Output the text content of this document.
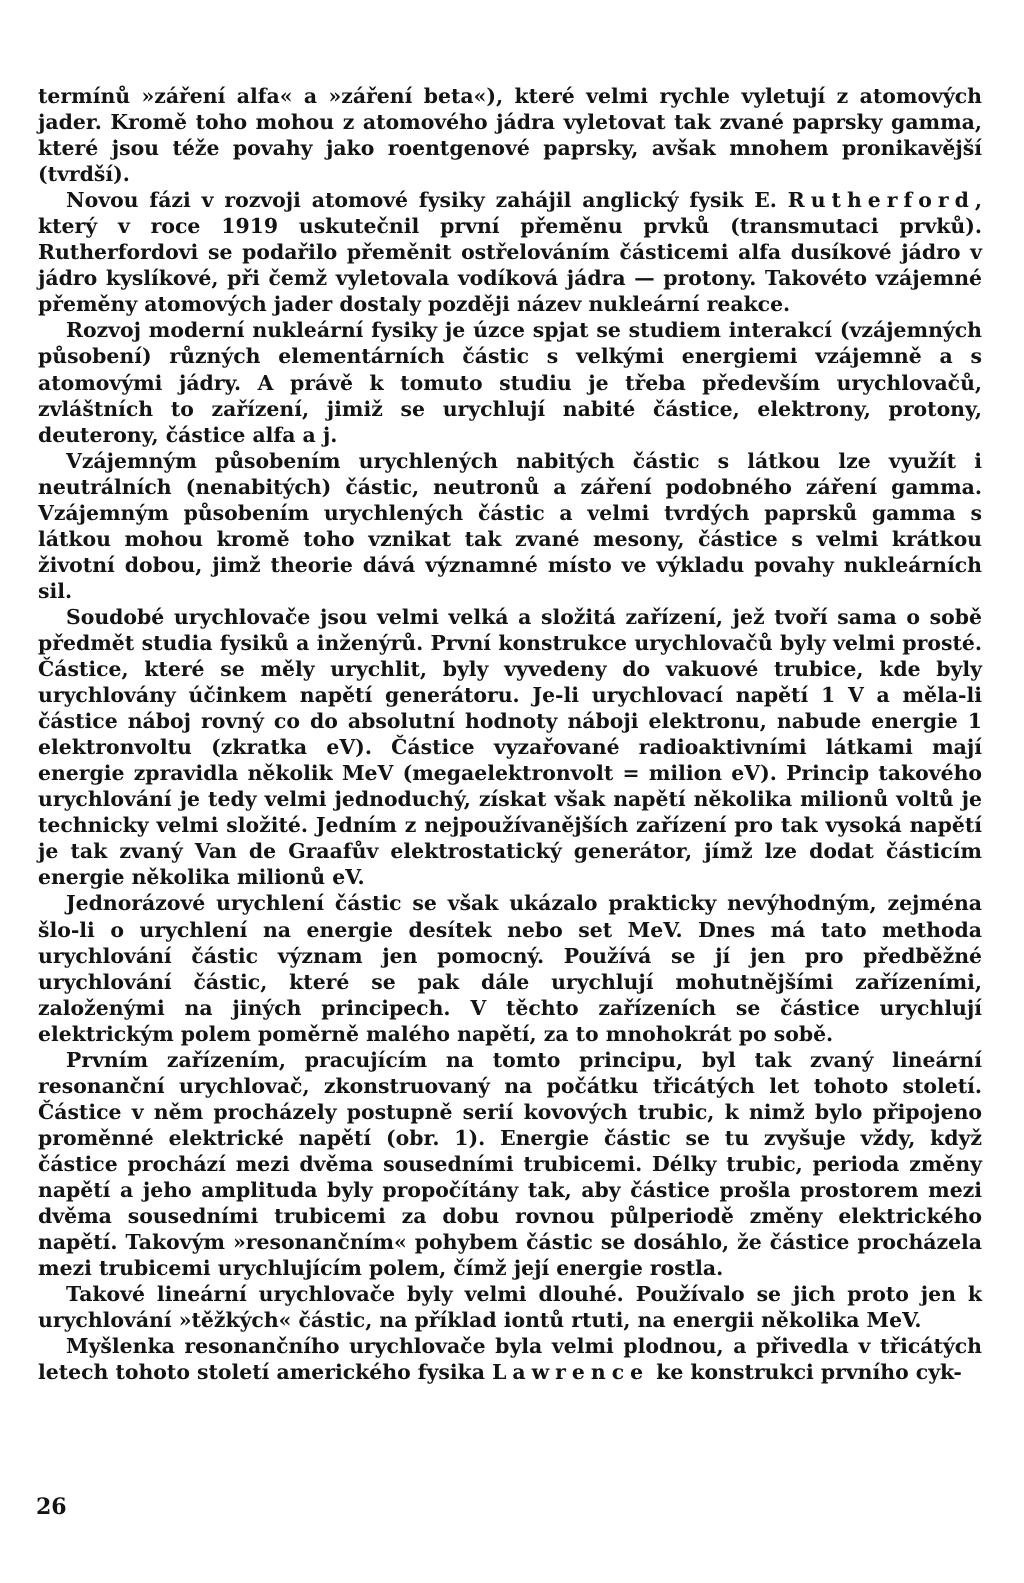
termínů »záření alfa« a »záření beta«), které velmi rychle vyletují z atomových jader. Kromě toho mohou z atomového jádra vyletovat tak zvané paprsky gamma, které jsou téže povahy jako roentgenové paprsky, avšak mnohem pronikavější (tvrdší).

Novou fázi v rozvoji atomové fysiky zahájil anglický fysik E. Rutherford, který v roce 1919 uskutečnil první přeměnu prvků (transmutaci prvků). Rutherfordovi se podařilo přeměnit ostřelováním částicemi alfa dusíkové jádro v jádro kyslíkové, při čemž vyletovala vodíková jádra — protony. Takovéto vzájemné přeměny atomových jader dostaly později název nukleární reakce.

Rozvoj moderní nukleární fysiky je úzce spjat se studiem interakcí (vzájemných působení) různých elementárních částic s velkými energiemi vzájemně a s atomovými jádry. A právě k tomuto studiu je třeba především urychlovačů, zvláštních to zařízení, jimiž se urychlují nabité částice, elektrony, protony, deuterony, částice alfa a j.

Vzájemným působením urychlených nabitých částic s látkou lze využít i neutrálních (nenabitých) částic, neutronů a záření podobného záření gamma. Vzájemným působením urychlených částic a velmi tvrdých paprsků gamma s látkou mohou kromě toho vznikat tak zvané mesony, částice s velmi krátkou životní dobou, jimž theorie dává významné místo ve výkladu povahy nukleárních sil.

Soudobé urychlovače jsou velmi velká a složitá zařízení, jež tvoří sama o sobě předmět studia fysiků a inženýrů. První konstrukce urychlovačů byly velmi prosté. Částice, které se měly urychlit, byly vyvedeny do vakuové trubice, kde byly urychlovány účinkem napětí generátoru. Je-li urychlovací napětí 1 V a měla-li částice náboj rovný co do absolutní hodnoty náboji elektronu, nabude energie 1 elektronvoltu (zkratka eV). Částice vyzařované radioaktivními látkami mají energie zpravidla několik MeV (megaelektronvolt = milion eV). Princip takového urychlování je tedy velmi jednoduchý, získat však napětí několika milionů voltů je technicky velmi složité. Jedním z nejpoužívanějších zařízení pro tak vysoká napětí je tak zvaný Van de Graafův elektrostatický generátor, jímž lze dodat částicím energie několika milionů eV.

Jednorázové urychlení částic se však ukázalo prakticky nevýhodným, zejména šlo-li o urychlení na energie desítek nebo set MeV. Dnes má tato methoda urychlování částic význam jen pomocný. Používá se jí jen pro předběžné urychlování částic, které se pak dále urychlují mohutnějšími zařízeními, založenými na jiných principech. V těchto zařízeních se částice urychlují elektrickým polem poměrně malého napětí, za to mnohokrát po sobě.

Prvním zařízením, pracujícím na tomto principu, byl tak zvaný lineární resonanční urychlovač, zkonstruovaný na počátku třicátých let tohoto století. Částice v něm procházely postupně serií kovových trubic, k nimž bylo připojeno proměnné elektrické napětí (obr. 1). Energie částic se tu zvyšuje vždy, když částice prochází mezi dvěma sousedními trubicemi. Délky trubic, perioda změny napětí a jeho amplituda byly propočítány tak, aby částice prošla prostorem mezi dvěma sousedními trubicemi za dobu rovnou půlperiodě změny elektrického napětí. Takovým »resonančním« pohybem částic se dosáhlo, že částice procházela mezi trubicemi urychlujícím polem, čímž její energie rostla.

Takové lineární urychlovače byly velmi dlouhé. Používalo se jich proto jen k urychlování »těžkých« částic, na příklad iontů rtuti, na energii několika MeV.

Myšlenka resonančního urychlovače byla velmi plodnou, a přivedla v třicátých letech tohoto století amerického fysika Lawrence ke konstrukci prvního cyk-

26
